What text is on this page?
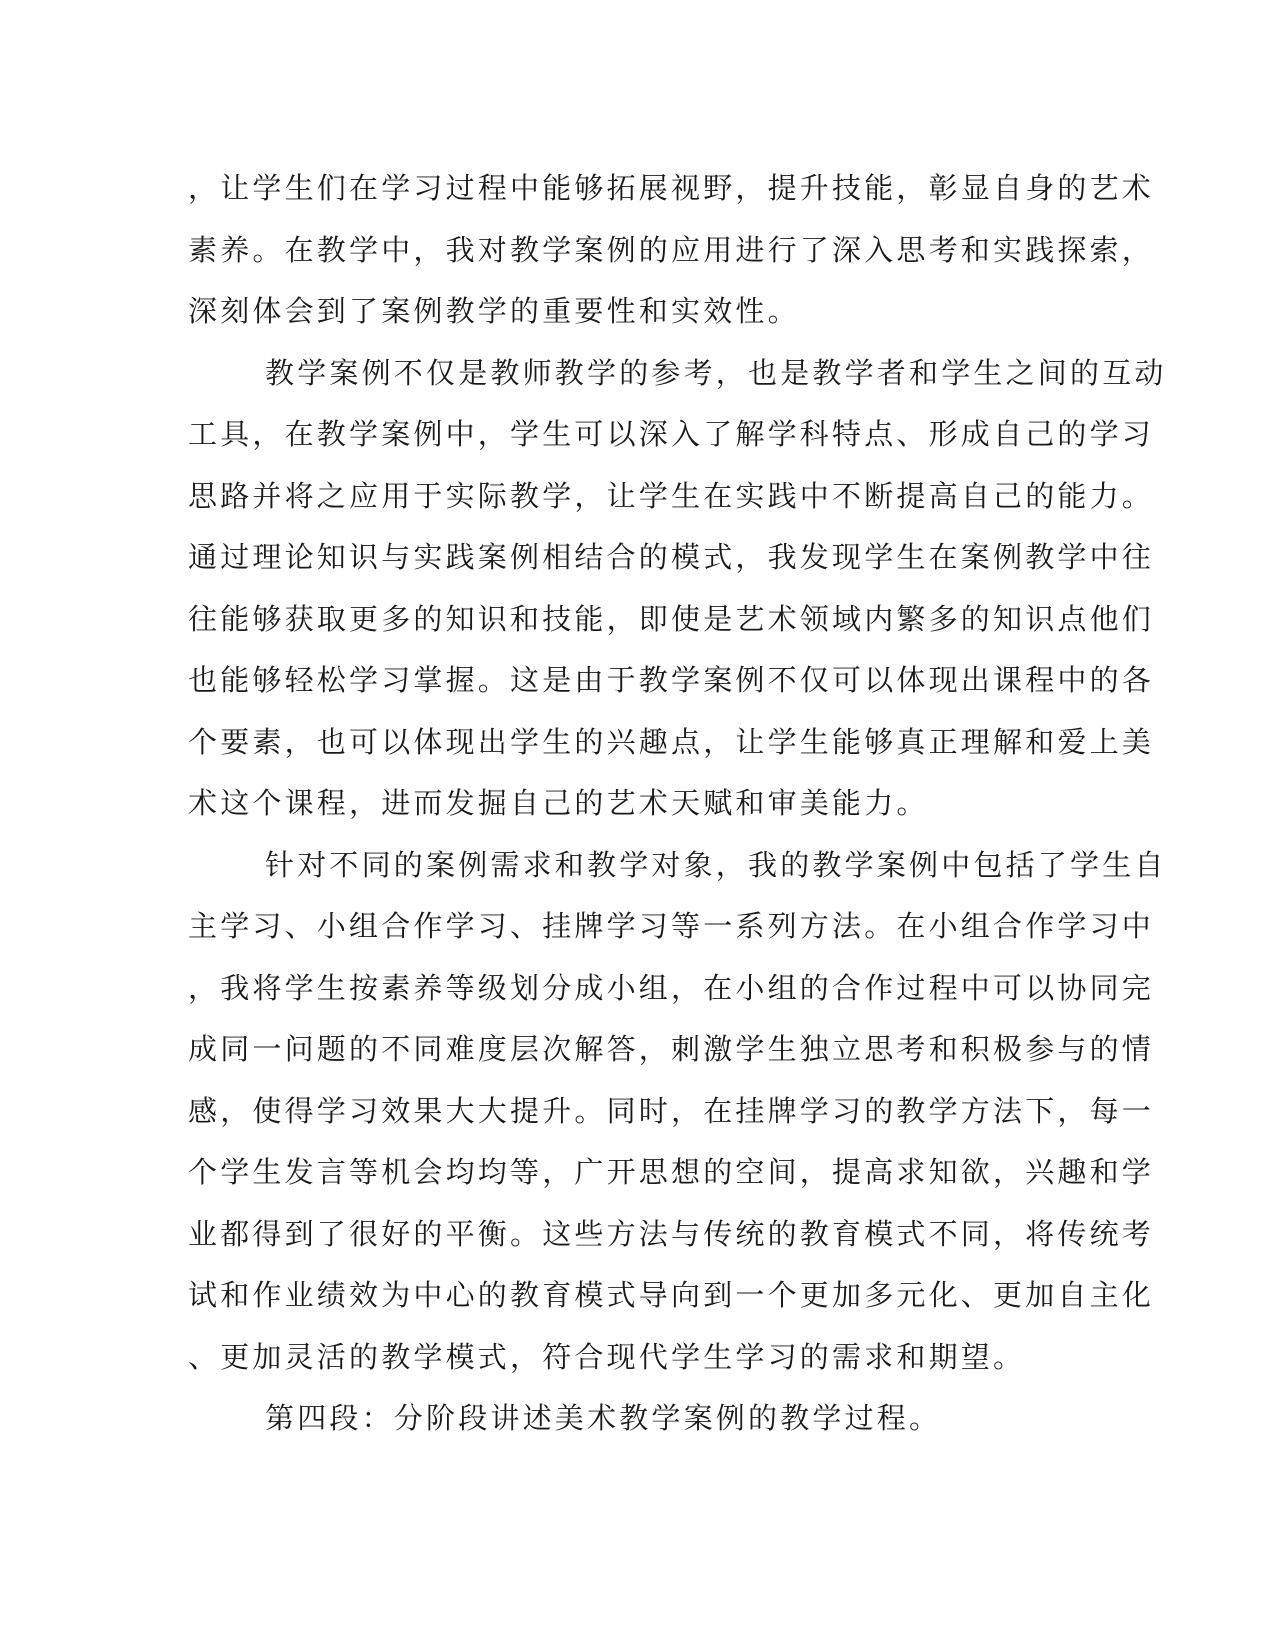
，让学生们在学习过程中能够拓展视野，提升技能，彰显自身的艺术
素养。在教学中，我对教学案例的应用进行了深入思考和实践探索，
深刻体会到了案例教学的重要性和实效性。
教学案例不仅是教师教学的参考，也是教学者和学生之间的互动
工具，在教学案例中，学生可以深入了解学科特点、形成自己的学习
思路并将之应用于实际教学，让学生在实践中不断提高自己的能力。
通过理论知识与实践案例相结合的模式，我发现学生在案例教学中往
往能够获取更多的知识和技能，即使是艺术领域内繁多的知识点他们
也能够轻松学习掌握。这是由于教学案例不仅可以体现出课程中的各
个要素，也可以体现出学生的兴趣点，让学生能够真正理解和爱上美
术这个课程，进而发掘自己的艺术天赋和审美能力。
针对不同的案例需求和教学对象，我的教学案例中包括了学生自
主学习、小组合作学习、挂牌学习等一系列方法。在小组合作学习中
，我将学生按素养等级划分成小组，在小组的合作过程中可以协同完
成同一问题的不同难度层次解答，刺激学生独立思考和积极参与的情
感，使得学习效果大大提升。同时，在挂牌学习的教学方法下，每一
个学生发言等机会均均等，广开思想的空间，提高求知欲，兴趣和学
业都得到了很好的平衡。这些方法与传统的教育模式不同，将传统考
试和作业绩效为中心的教育模式导向到一个更加多元化、更加自主化
、更加灵活的教学模式，符合现代学生学习的需求和期望。
第四段：分阶段讲述美术教学案例的教学过程。
